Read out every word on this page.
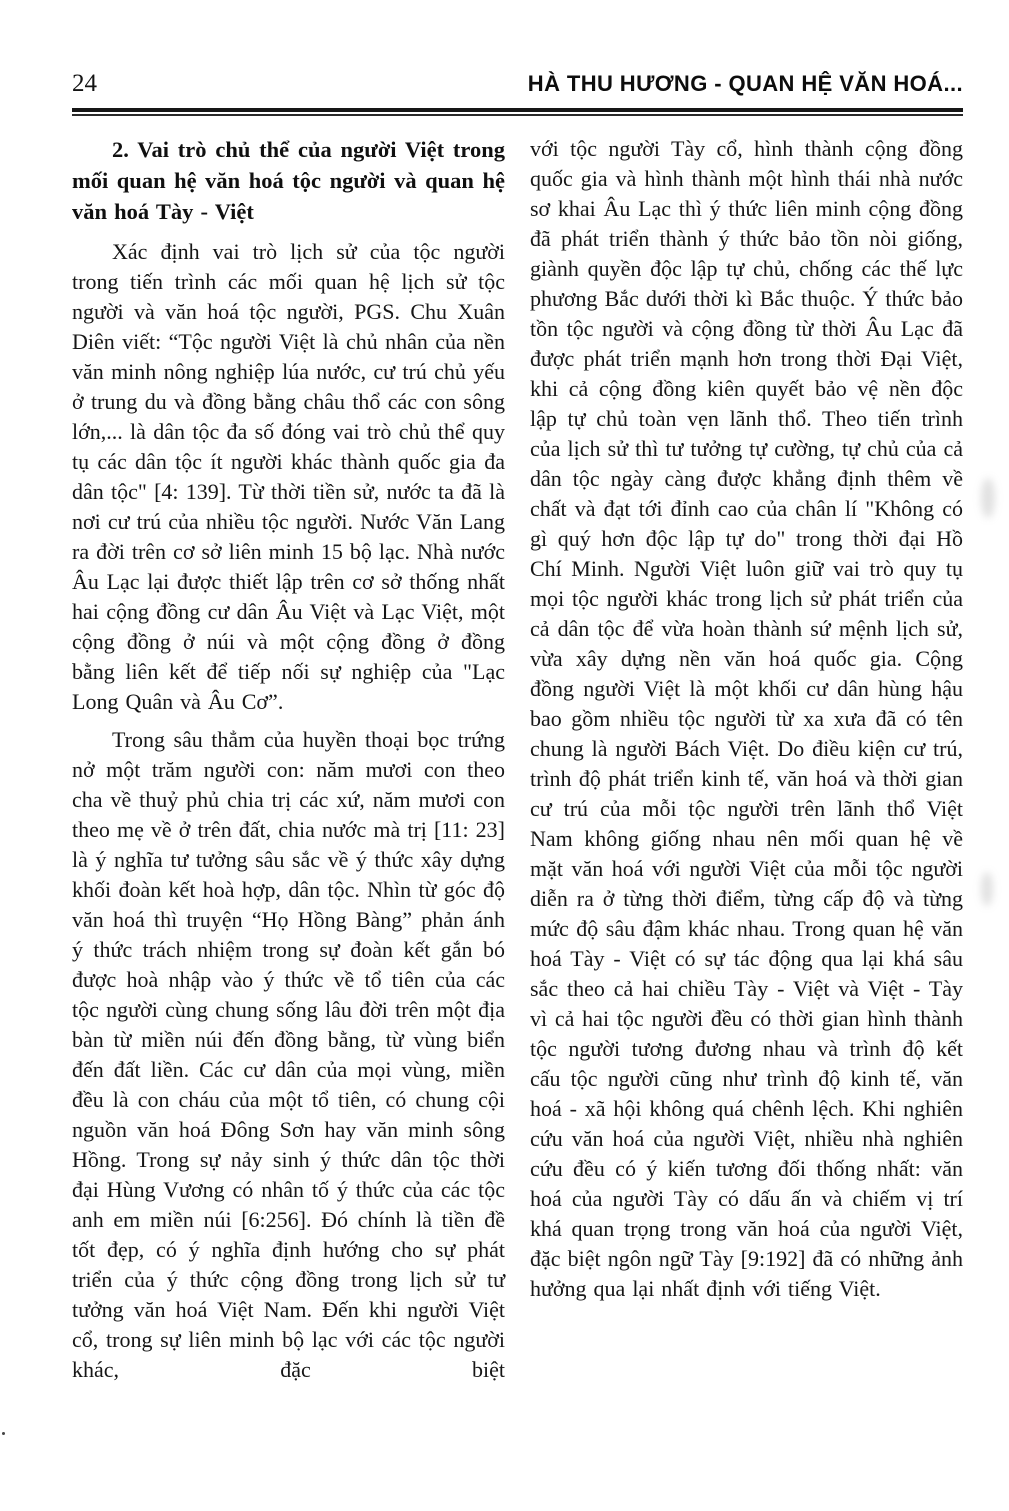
24	HÀ THU HƯƠNG - QUAN HỆ VĂN HOÁ...
2. Vai trò chủ thể của người Việt trong mối quan hệ văn hoá tộc người và quan hệ văn hoá Tày - Việt

Xác định vai trò lịch sử của tộc người trong tiến trình các mối quan hệ lịch sử tộc người và văn hoá tộc người, PGS. Chu Xuân Diên viết: “Tộc người Việt là chủ nhân của nền văn minh nông nghiệp lúa nước, cư trú chủ yếu ở trung du và đồng bằng châu thổ các con sông lớn,... là dân tộc đa số đóng vai trò chủ thể quy tụ các dân tộc ít người khác thành quốc gia đa dân tộc" [4: 139]. Từ thời tiền sử, nước ta đã là nơi cư trú của nhiều tộc người. Nước Văn Lang ra đời trên cơ sở liên minh 15 bộ lạc. Nhà nước Âu Lạc lại được thiết lập trên cơ sở thống nhất hai cộng đồng cư dân Âu Việt và Lạc Việt, một cộng đồng ở núi và một cộng đồng ở đồng bằng liên kết để tiếp nối sự nghiệp của "Lạc Long Quân và Âu Cơ”.

Trong sâu thẳm của huyền thoại bọc trứng nở một trăm người con: năm mươi con theo cha về thuỷ phủ chia trị các xứ, năm mươi con theo mẹ về ở trên đất, chia nước mà trị [11: 23] là ý nghĩa tư tưởng sâu sắc về ý thức xây dựng khối đoàn kết hoà hợp, dân tộc. Nhìn từ góc độ văn hoá thì truyện “Họ Hồng Bàng” phản ánh ý thức trách nhiệm trong sự đoàn kết gắn bó được hoà nhập vào ý thức về tổ tiên của các tộc người cùng chung sống lâu đời trên một địa bàn từ miền núi đến đồng bằng, từ vùng biển đến đất liền. Các cư dân của mọi vùng, miền đều là con cháu của một tổ tiên, có chung cội nguồn văn hoá Đông Sơn hay văn minh sông Hồng. Trong sự nảy sinh ý thức dân tộc thời đại Hùng Vương có nhân tố ý thức của các tộc anh em miền núi [6:256]. Đó chính là tiền đề tốt đẹp, có ý nghĩa định hướng cho sự phát triển của ý thức cộng đồng trong lịch sử tư tưởng văn hoá Việt Nam. Đến khi người Việt cổ, trong sự liên minh bộ lạc với các tộc người khác, đặc biệt

với tộc người Tày cổ, hình thành cộng đồng quốc gia và hình thành một hình thái nhà nước sơ khai Âu Lạc thì ý thức liên minh cộng đồng đã phát triển thành ý thức bảo tồn nòi giống, giành quyền độc lập tự chủ, chống các thế lực phương Bắc dưới thời kì Bắc thuộc. Ý thức bảo tồn tộc người và cộng đồng từ thời Âu Lạc đã được phát triển mạnh hơn trong thời Đại Việt, khi cả cộng đồng kiên quyết bảo vệ nền độc lập tự chủ toàn vẹn lãnh thổ. Theo tiến trình của lịch sử thì tư tưởng tự cường, tự chủ của cả dân tộc ngày càng được khẳng định thêm về chất và đạt tới đỉnh cao của chân lí "Không có gì quý hơn độc lập tự do" trong thời đại Hồ Chí Minh. Người Việt luôn giữ vai trò quy tụ mọi tộc người khác trong lịch sử phát triển của cả dân tộc để vừa hoàn thành sứ mệnh lịch sử, vừa xây dựng nền văn hoá quốc gia. Cộng đồng người Việt là một khối cư dân hùng hậu bao gồm nhiều tộc người từ xa xưa đã có tên chung là người Bách Việt. Do điều kiện cư trú, trình độ phát triển kinh tế, văn hoá và thời gian cư trú của mỗi tộc người trên lãnh thổ Việt Nam không giống nhau nên mối quan hệ về mặt văn hoá với người Việt của mỗi tộc người diễn ra ở từng thời điểm, từng cấp độ và từng mức độ sâu đậm khác nhau. Trong quan hệ văn hoá Tày - Việt có sự tác động qua lại khá sâu sắc theo cả hai chiều Tày - Việt và Việt - Tày vì cả hai tộc người đều có thời gian hình thành tộc người tương đương nhau và trình độ kết cấu tộc người cũng như trình độ kinh tế, văn hoá - xã hội không quá chênh lệch. Khi nghiên cứu văn hoá của người Việt, nhiều nhà nghiên cứu đều có ý kiến tương đối thống nhất: văn hoá của người Tày có dấu ấn và chiếm vị trí khá quan trọng trong văn hoá của người Việt, đặc biệt ngôn ngữ Tày [9:192] đã có những ảnh hưởng qua lại nhất định với tiếng Việt.
